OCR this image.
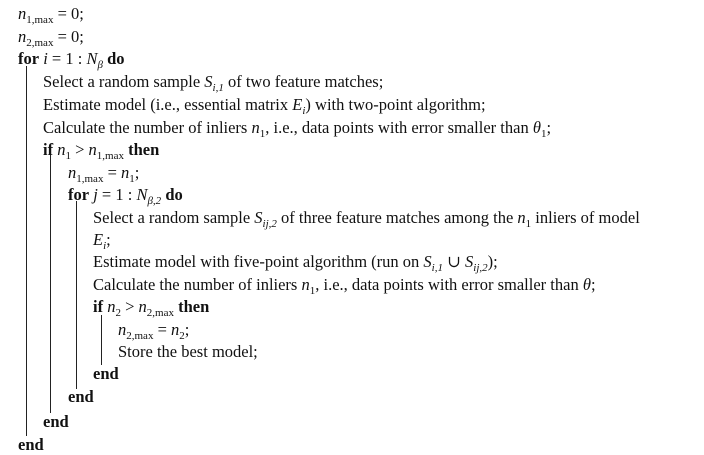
$n_{1,max} = 0$;
$n_{2,max} = 0$;
for i = 1 : $N_\beta$ do
Select a random sample $S_{i,1}$ of two feature matches;
Estimate model (i.e., essential matrix $E_i$) with two-point algorithm;
Calculate the number of inliers $n_1$, i.e., data points with error smaller than $\theta_1$;
if $n_1 > n_{1,max}$ then
$n_{1,max} = n_1$;
for j = 1 : $N_{\beta,2}$ do
Select a random sample $S_{ij,2}$ of three feature matches among the $n_1$ inliers of model
$E_i$;
Estimate model with five-point algorithm (run on $S_{i,1}$ ∪ $S_{ij,2}$);
Calculate the number of inliers $n_1$, i.e., data points with error smaller than θ;
if $n_2 > n_{2,max}$ then
$n_{2,max} = n_2$;
Store the best model;
end
end
end
end
